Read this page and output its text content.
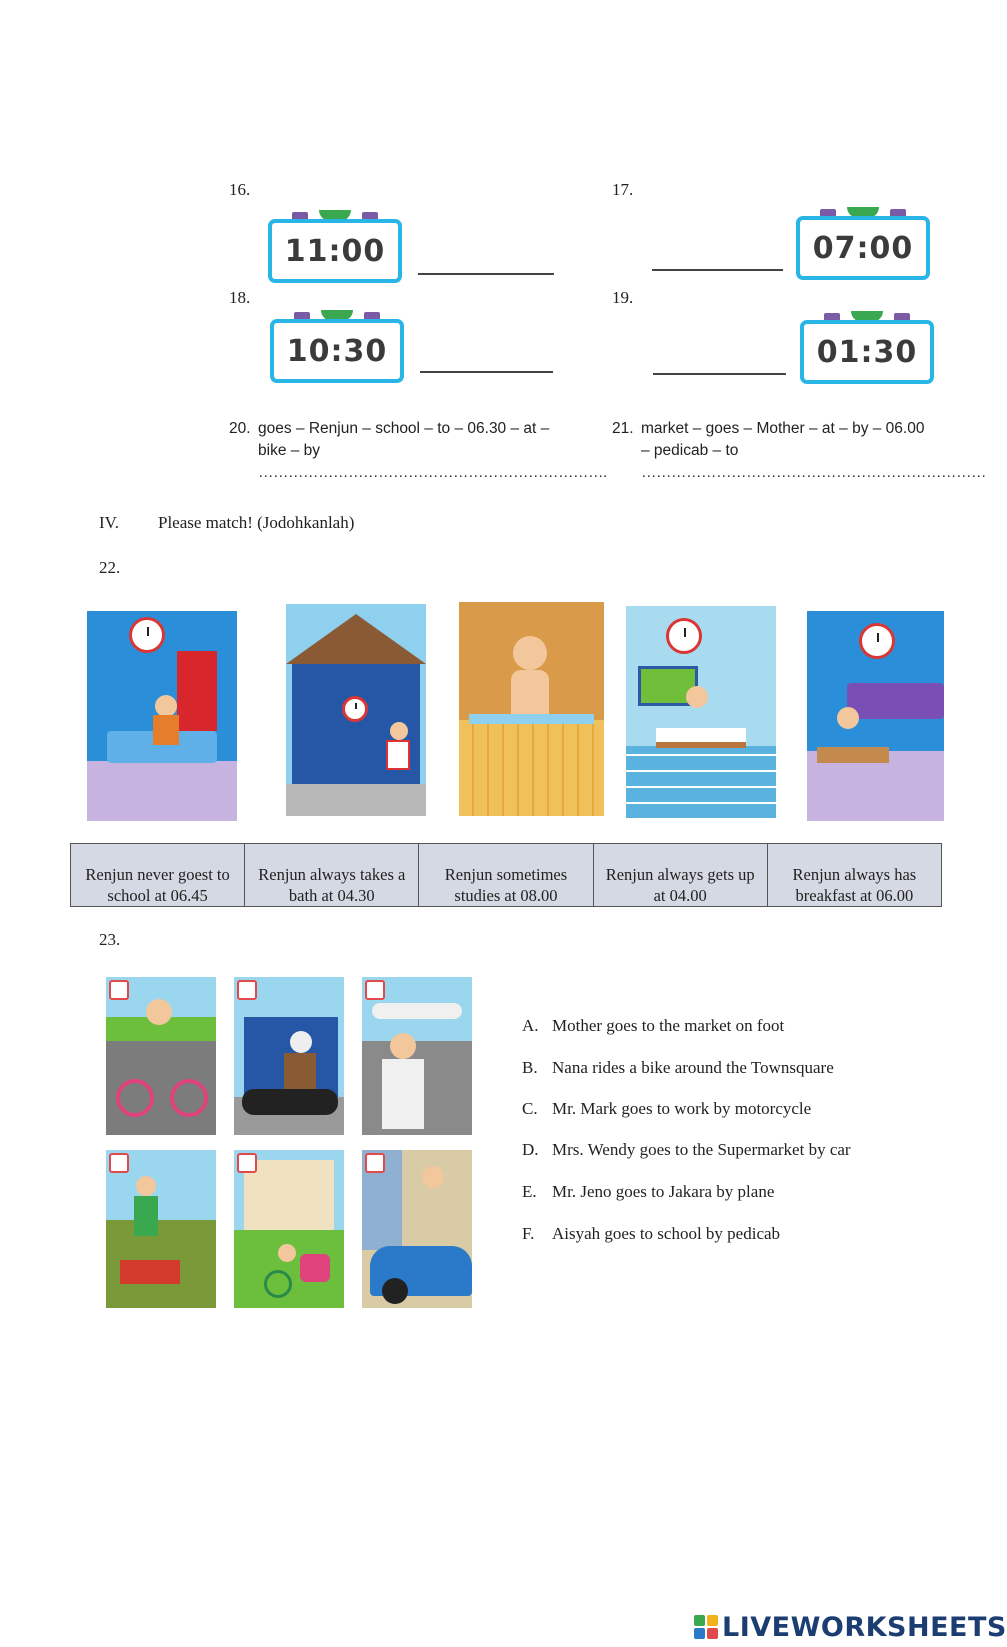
16.	17.
18.	19.
11:00	07:00
10:30	01:30
20. goes – Renjun – school – to – 06.30 – at –
bike – by
…………………………………………………………….
21. market – goes – Mother – at – by – 06.00
– pedicab – to
……………………………………………………………
IV. Please match! (Jodohkanlah)
22.
Renjun never goest to school at 06.45	Renjun always takes a bath at 04.30	Renjun sometimes studies at 08.00	Renjun always gets up at 04.00	Renjun always has breakfast at 06.00
23.
A. Mother goes to the market on foot
B. Nana rides a bike around the Townsquare
C. Mr. Mark goes to work by motorcycle
D. Mrs. Wendy goes to the Supermarket by car
E. Mr. Jeno goes to Jakara by plane
F. Aisyah goes to school by pedicab
LIVEWORKSHEETS
